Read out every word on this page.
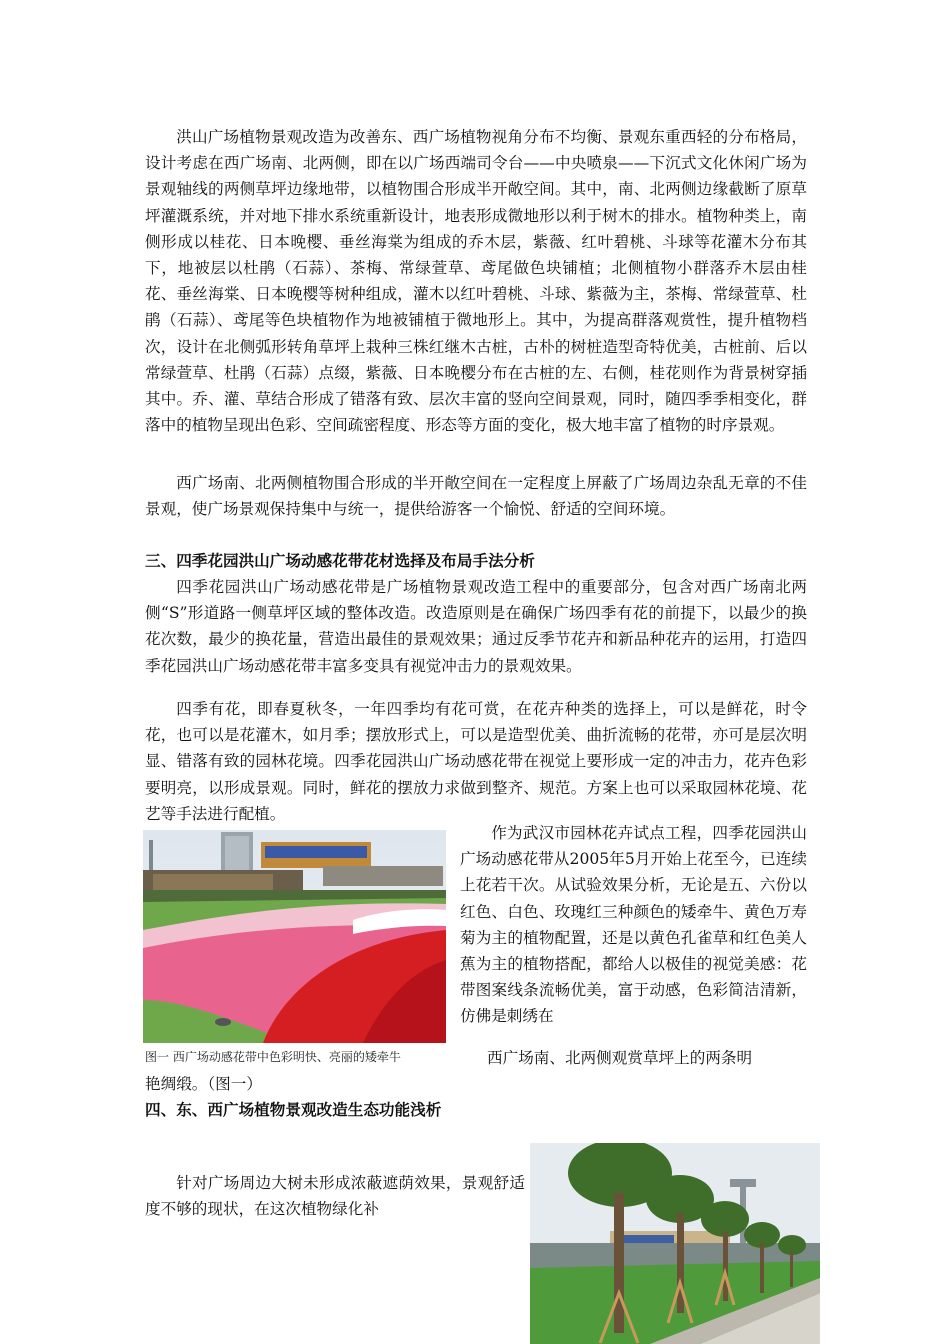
洪山广场植物景观改造为改善东、西广场植物视角分布不均衡、景观东重西轻的分布格局，设计考虑在西广场南、北两侧，即在以广场西端司令台——中央喷泉——下沉式文化休闲广场为景观轴线的两侧草坪边缘地带，以植物围合形成半开敞空间。其中，南、北两侧边缘截断了原草坪灌溉系统，并对地下排水系统重新设计，地表形成微地形以利于树木的排水。植物种类上，南侧形成以桂花、日本晚樱、垂丝海棠为组成的乔木层，紫薇、红叶碧桃、斗球等花灌木分布其下，地被层以杜鹃（石蒜）、茶梅、常绿萱草、鸢尾做色块铺植；北侧植物小群落乔木层由桂花、垂丝海棠、日本晚樱等树种组成，灌木以红叶碧桃、斗球、紫薇为主，茶梅、常绿萱草、杜鹃（石蒜）、鸢尾等色块植物作为地被铺植于微地形上。其中，为提高群落观赏性，提升植物档次，设计在北侧弧形转角草坪上栽种三株红继木古桩，古朴的树桩造型奇特优美，古桩前、后以常绿萱草、杜鹃（石蒜）点缀，紫薇、日本晚樱分布在古桩的左、右侧，桂花则作为背景树穿插其中。乔、灌、草结合形成了错落有致、层次丰富的竖向空间景观，同时，随四季季相变化，群落中的植物呈现出色彩、空间疏密程度、形态等方面的变化，极大地丰富了植物的时序景观。

西广场南、北两侧植物围合形成的半开敞空间在一定程度上屏蔽了广场周边杂乱无章的不佳景观，使广场景观保持集中与统一，提供给游客一个愉悦、舒适的空间环境。

三、四季花园洪山广场动感花带花材选择及布局手法分析

四季花园洪山广场动感花带是广场植物景观改造工程中的重要部分，包含对西广场南北两侧“S”形道路一侧草坪区域的整体改造。改造原则是在确保广场四季有花的前提下，以最少的换花次数，最少的换花量，营造出最佳的景观效果；通过反季节花卉和新品种花卉的运用，打造四季花园洪山广场动感花带丰富多变具有视觉冲击力的景观效果。

四季有花，即春夏秋冬，一年四季均有花可赏，在花卉种类的选择上，可以是鲜花，时令花，也可以是花灌木，如月季；摆放形式上，可以是造型优美、曲折流畅的花带，亦可是层次明显、错落有致的园林花境。四季花园洪山广场动感花带在视觉上要形成一定的冲击力，花卉色彩要明亮，以形成景观。同时，鲜花的摆放力求做到整齐、规范。方案上也可以采取园林花境、花艺等手法进行配植。

图一 西广场动感花带中色彩明快、亮丽的矮牵牛

作为武汉市园林花卉试点工程，四季花园洪山广场动感花带从2005年5月开始上花至今，已连续上花若干次。从试验效果分析，无论是五、六份以红色、白色、玫瑰红三种颜色的矮牵牛、黄色万寿菊为主的植物配置，还是以黄色孔雀草和红色美人蕉为主的植物搭配，都给人以极佳的视觉美感：花带图案线条流畅优美，富于动感，色彩简洁清新，仿佛是刺绣在

西广场南、北两侧观赏草坪上的两条明

艳绸缎。（图一）

四、东、西广场植物景观改造生态功能浅析

针对广场周边大树未形成浓蔽遮荫效果，景观舒适度不够的现状，在这次植物绿化补
